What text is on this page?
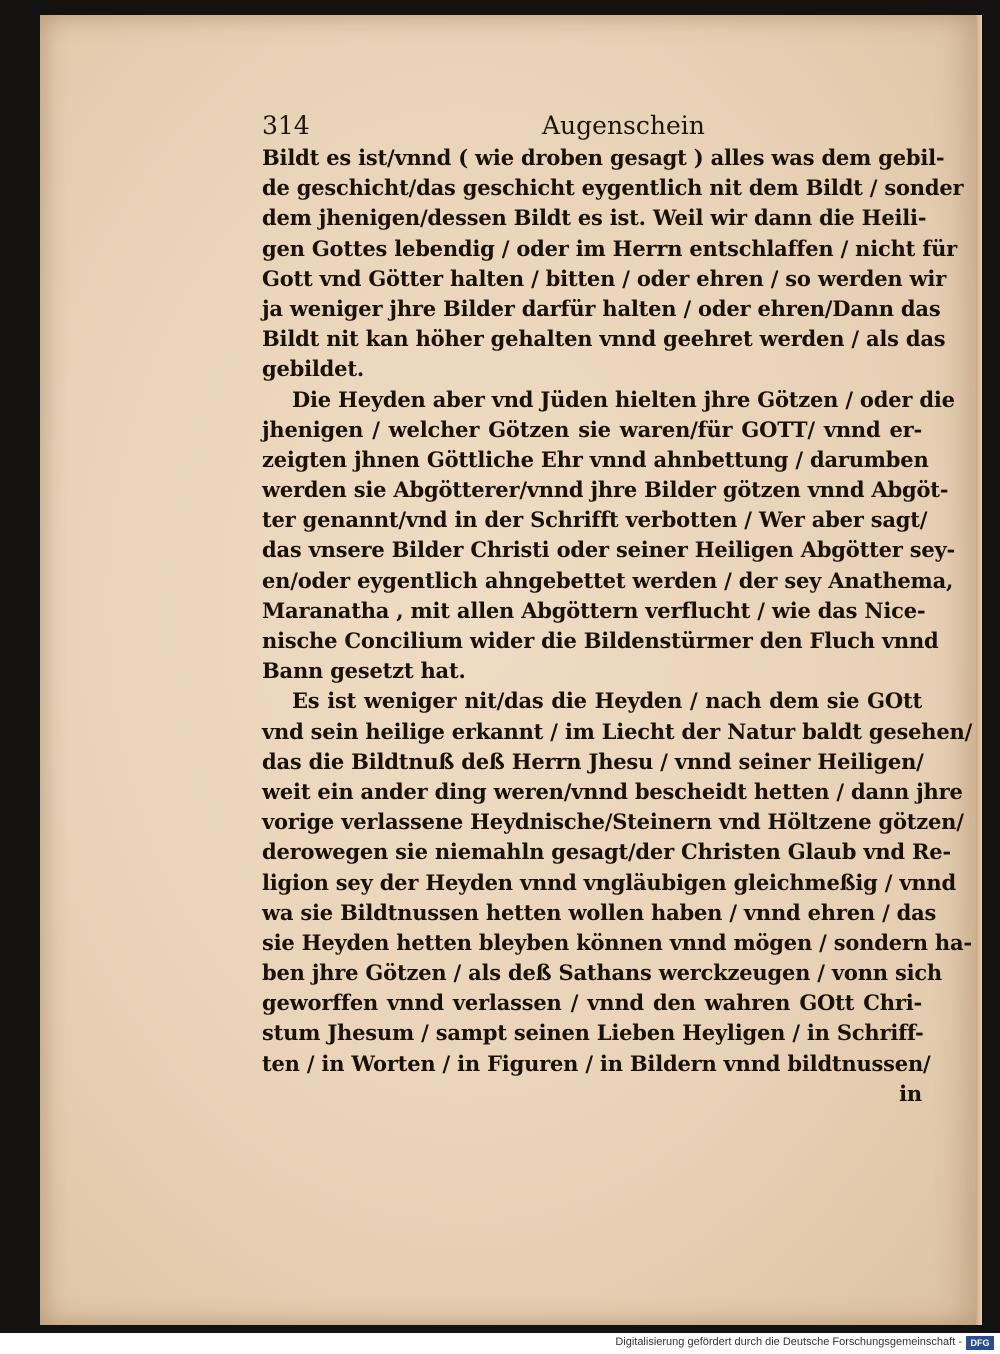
314	Augenschein
Bildt es ist/vnnd ( wie droben gesagt ) alles was dem gebil-
de geschicht/das geschicht eygentlich nit dem Bildt / sonder
dem jhenigen/dessen Bildt es ist. Weil wir dann die Heili-
gen Gottes lebendig / oder im Herrn entschlaffen / nicht für
Gott vnd Götter halten / bitten / oder ehren / so werden wir
ja weniger jhre Bilder darfür halten / oder ehren/Dann das
Bildt nit kan höher gehalten vnnd geehret werden / als das
gebildet.
Die Heyden aber vnd Jüden hielten jhre Götzen / oder die
jhenigen / welcher Götzen sie waren/für GOTT/ vnnd er-
zeigten jhnen Göttliche Ehr vnnd ahnbettung / darumben
werden sie Abgötterer/vnnd jhre Bilder götzen vnnd Abgöt-
ter genannt/vnd in der Schrifft verbotten / Wer aber sagt/
das vnsere Bilder Christi oder seiner Heiligen Abgötter sey-
en/oder eygentlich ahngebettet werden / der sey Anathema,
Maranatha , mit allen Abgöttern verflucht / wie das Nice-
nische Concilium wider die Bildenstürmer den Fluch vnnd
Bann gesetzt hat.
Es ist weniger nit/das die Heyden / nach dem sie GOtt
vnd sein heilige erkannt / im Liecht der Natur baldt gesehen/
das die Bildtnuß deß Herrn Jhesu / vnnd seiner Heiligen/
weit ein ander ding weren/vnnd bescheidt hetten / dann jhre
vorige verlassene Heydnische/Steinern vnd Höltzene götzen/
derowegen sie niemahln gesagt/der Christen Glaub vnd Re-
ligion sey der Heyden vnnd vngläubigen gleichmeßig / vnnd
wa sie Bildtnussen hetten wollen haben / vnnd ehren / das
sie Heyden hetten bleyben können vnnd mögen / sondern ha-
ben jhre Götzen / als deß Sathans werckzeugen / vonn sich
geworffen vnnd verlassen / vnnd den wahren GOtt Chri-
stum Jhesum / sampt seinen Lieben Heyligen / in Schriff-
ten / in Worten / in Figuren / in Bildern vnnd bildtnussen/
in
Digitalisierung gefördert durch die Deutsche Forschungsgemeinschaft - DFG
